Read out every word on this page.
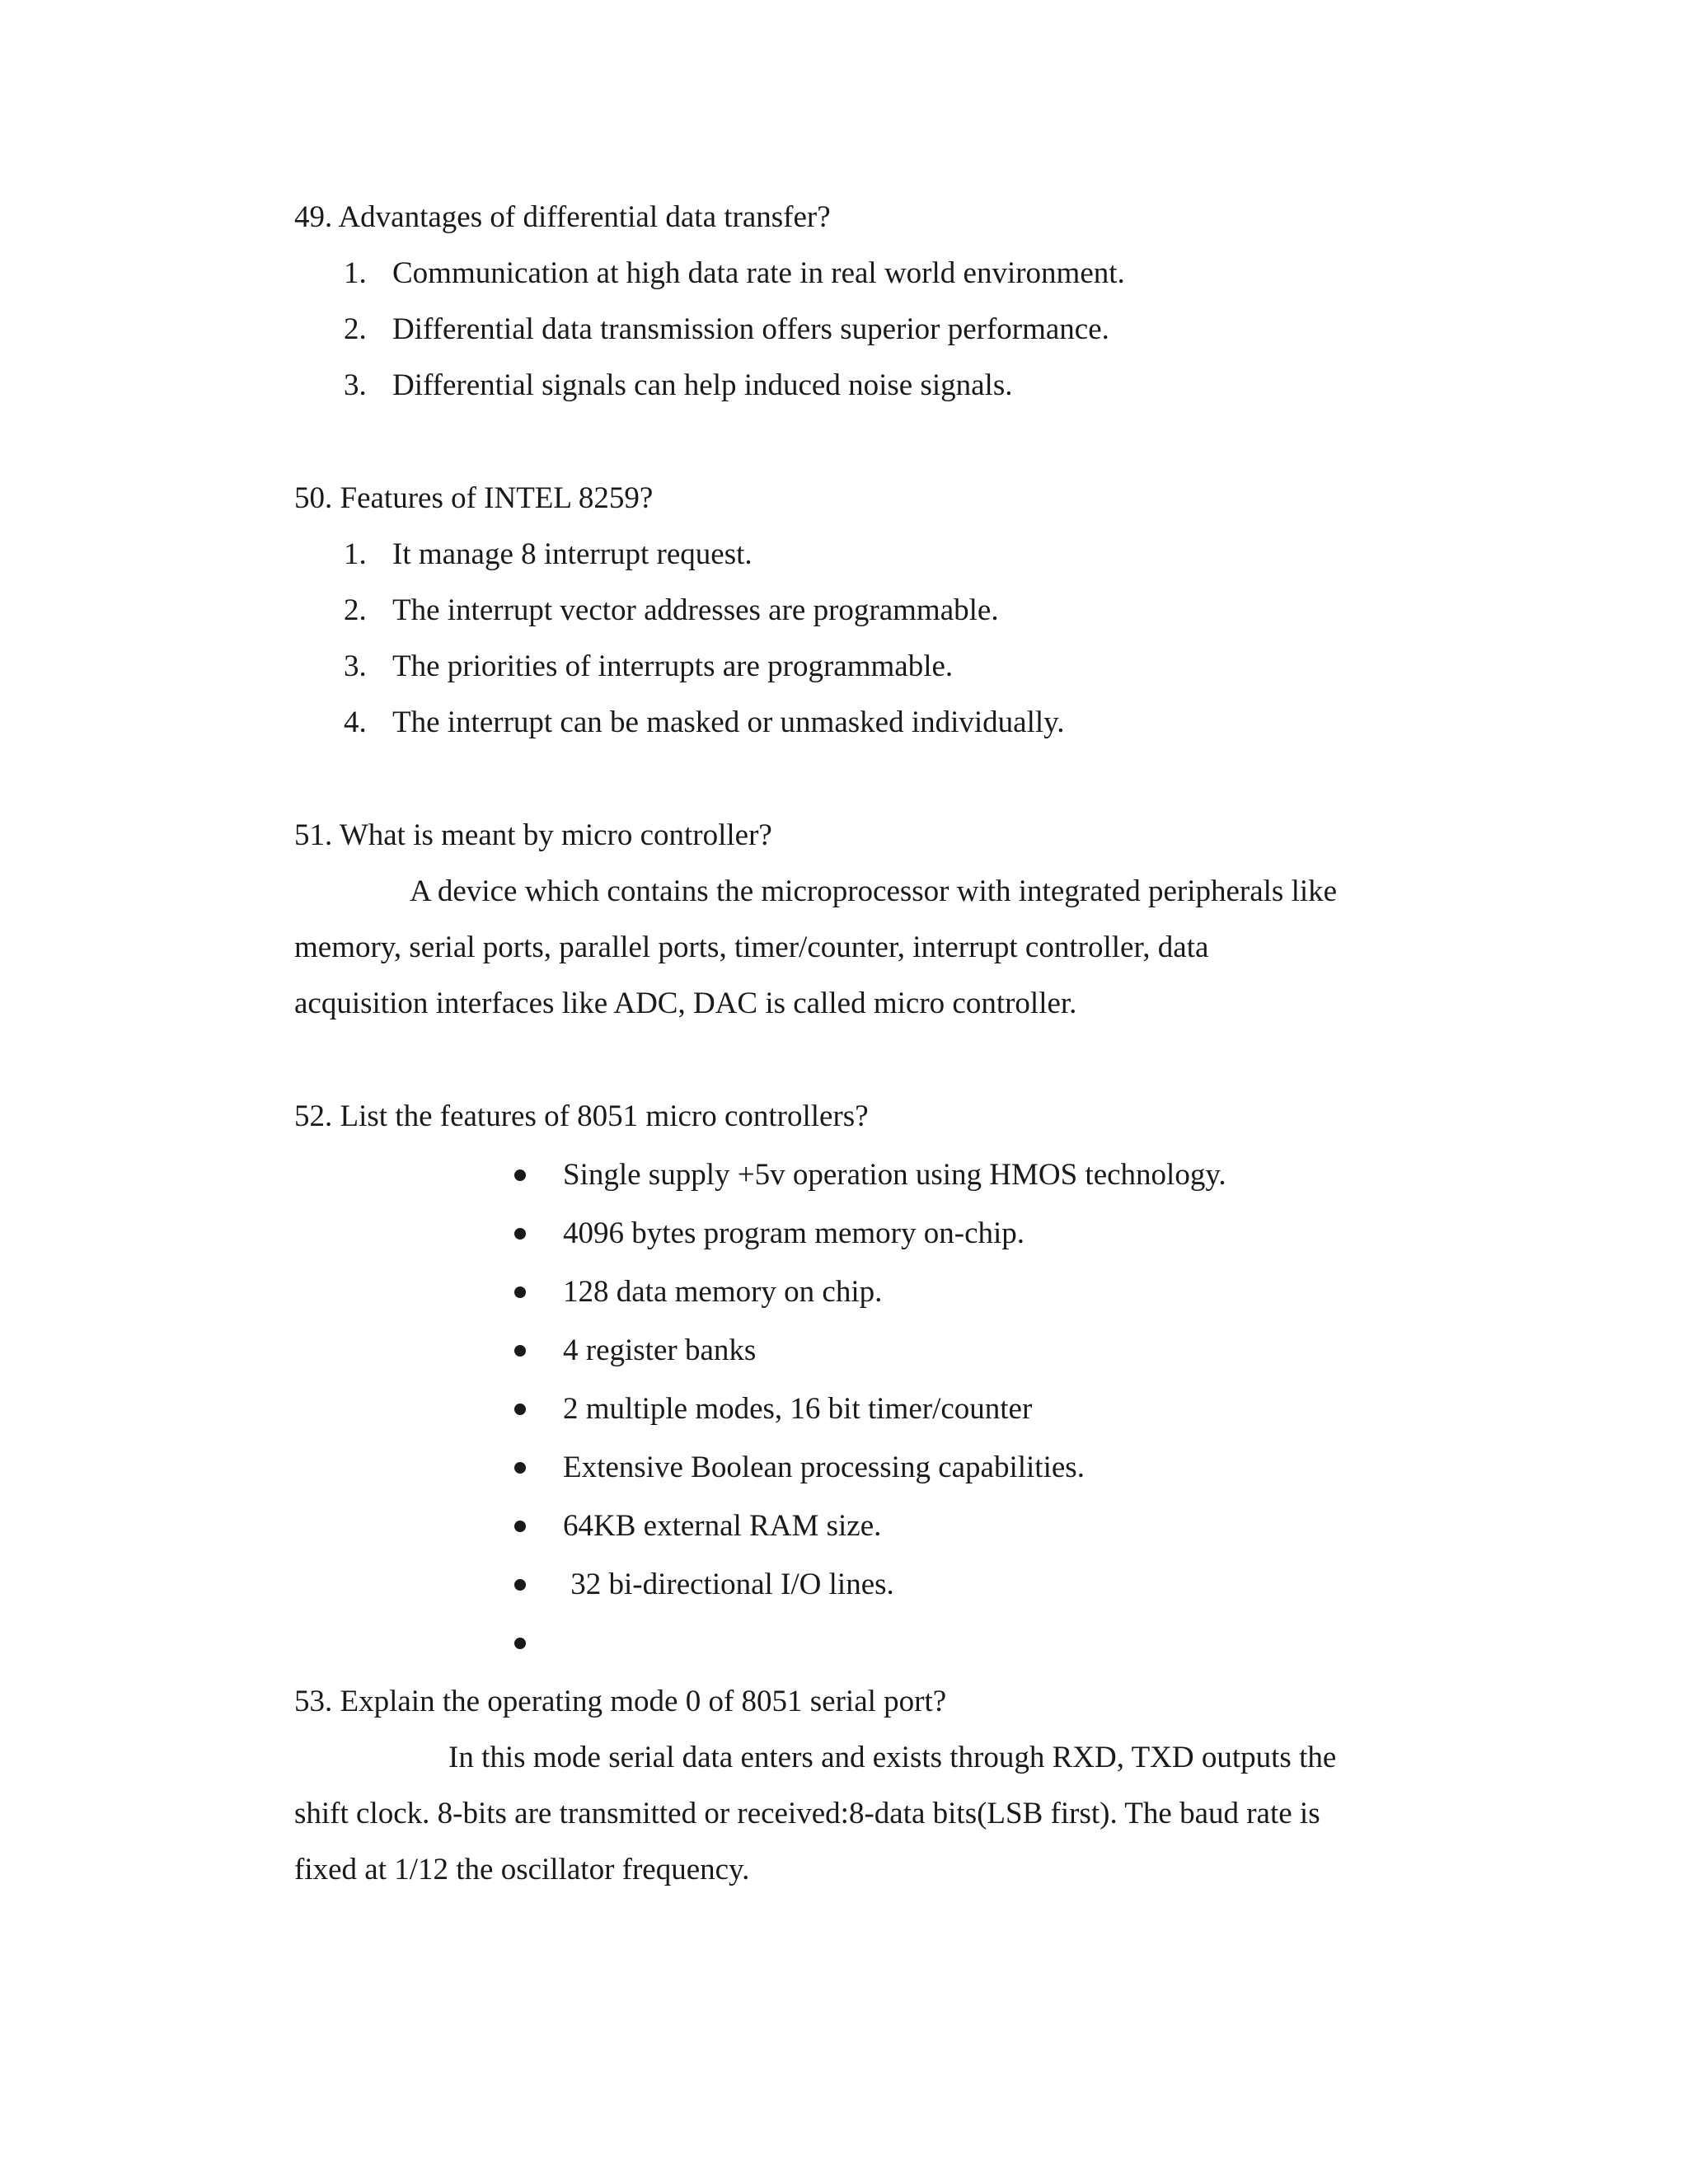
49. Advantages of differential data transfer?
1. Communication at high data rate in real world environment.
2. Differential data transmission offers superior performance.
3. Differential signals can help induced noise signals.
50. Features of INTEL 8259?
1. It manage 8 interrupt request.
2. The interrupt vector addresses are programmable.
3. The priorities of interrupts are programmable.
4. The interrupt can be masked or unmasked individually.
51. What is meant by micro controller?
A device which contains the microprocessor with integrated peripherals like
memory, serial ports, parallel ports, timer/counter, interrupt controller, data
acquisition interfaces like ADC, DAC is called micro controller.
52. List the features of 8051 micro controllers?
Single supply +5v operation using HMOS technology.
4096 bytes program memory on-chip.
128 data memory on chip.
4 register banks
2 multiple modes, 16 bit timer/counter
Extensive Boolean processing capabilities.
64KB external RAM size.
32 bi-directional I/O lines.
53. Explain the operating mode 0 of 8051 serial port?
In this mode serial data enters and exists through RXD, TXD outputs the
shift clock. 8-bits are transmitted or received:8-data bits(LSB first). The baud rate is
fixed at 1/12 the oscillator frequency.
